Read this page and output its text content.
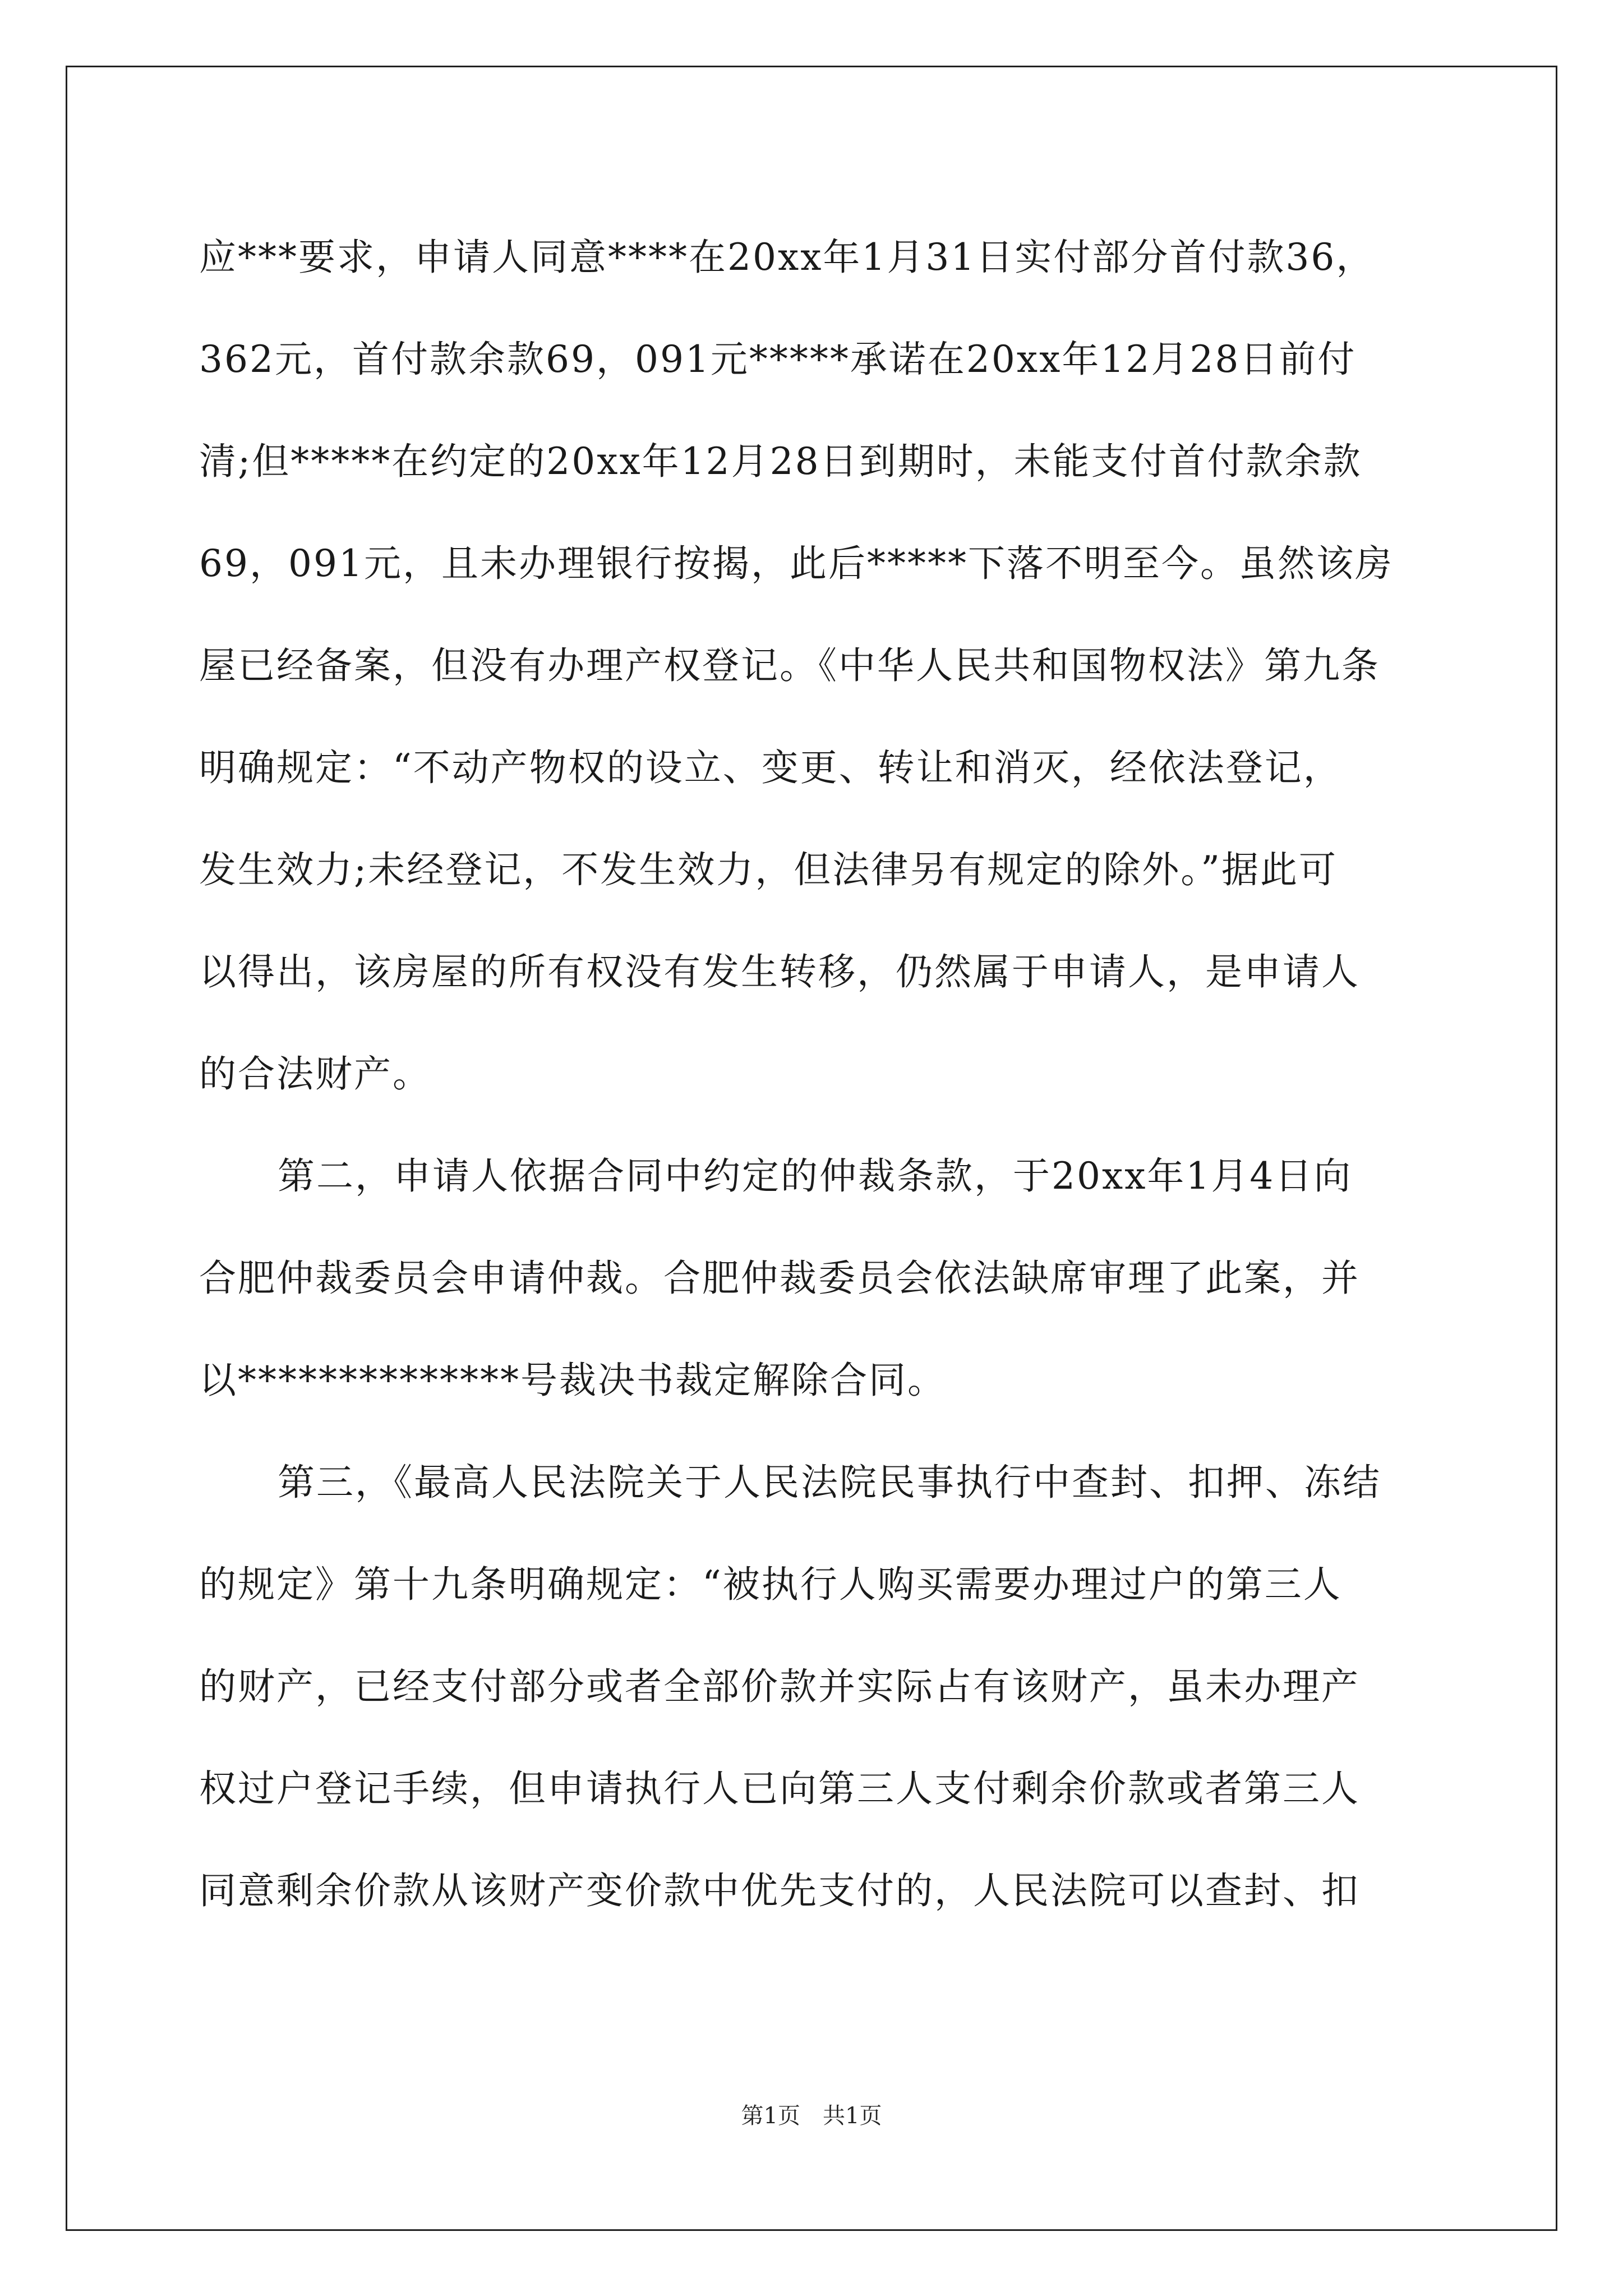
应***要求，申请人同意****在20xx年1月31日实付部分首付款36，
362元，首付款余款69，091元*****承诺在20xx年12月28日前付
清;但*****在约定的20xx年12月28日到期时，未能支付首付款余款
69，091元，且未办理银行按揭，此后*****下落不明至今。虽然该房
屋已经备案，但没有办理产权登记。《中华人民共和国物权法》第九条
明确规定：“不动产物权的设立、变更、转让和消灭，经依法登记，
发生效力;未经登记，不发生效力，但法律另有规定的除外。”据此可
以得出，该房屋的所有权没有发生转移，仍然属于申请人，是申请人
的合法财产。
第二，申请人依据合同中约定的仲裁条款，于20xx年1月4日向
合肥仲裁委员会申请仲裁。合肥仲裁委员会依法缺席审理了此案，并
以**************号裁决书裁定解除合同。
第三，《最高人民法院关于人民法院民事执行中查封、扣押、冻结
的规定》第十九条明确规定：“被执行人购买需要办理过户的第三人
的财产，已经支付部分或者全部价款并实际占有该财产，虽未办理产
权过户登记手续，但申请执行人已向第三人支付剩余价款或者第三人
同意剩余价款从该财产变价款中优先支付的，人民法院可以查封、扣
第1页 共1页
